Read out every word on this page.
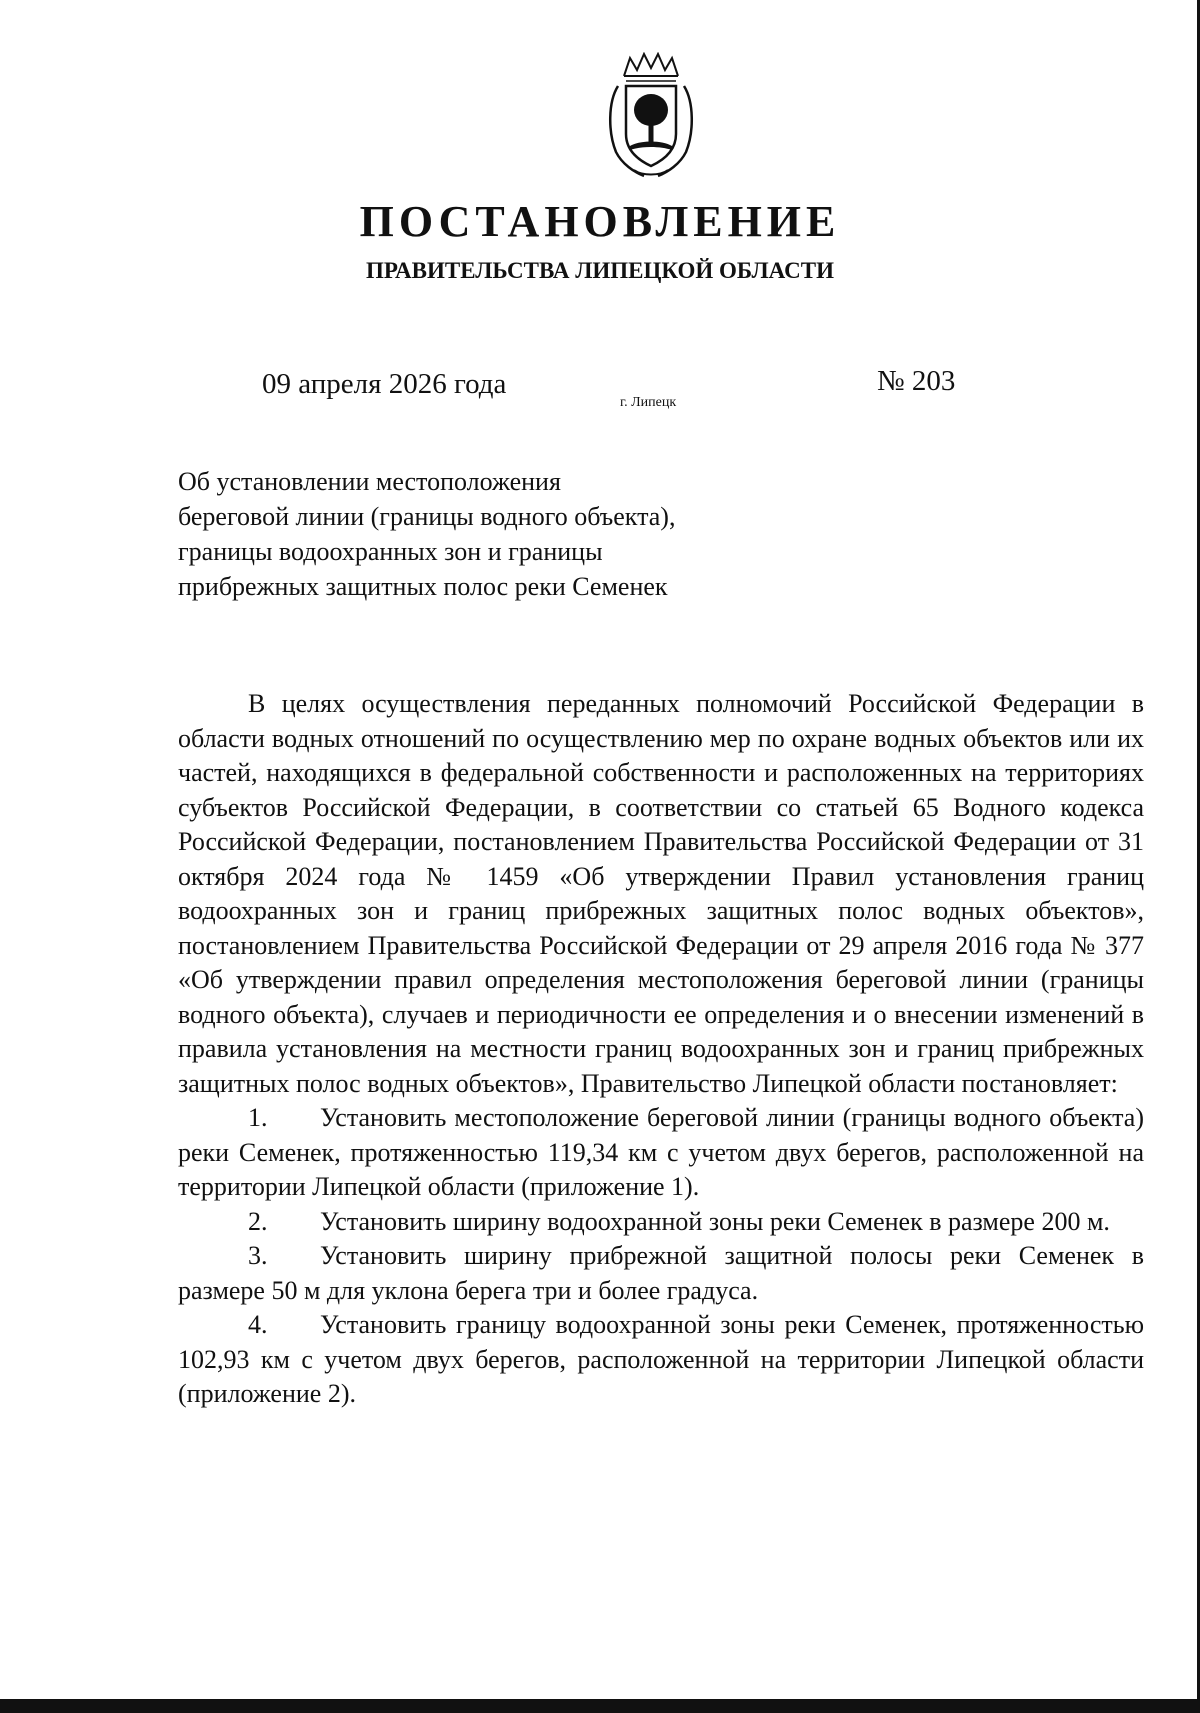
ПОСТАНОВЛЕНИЕ
ПРАВИТЕЛЬСТВА ЛИПЕЦКОЙ ОБЛАСТИ
09 апреля 2026 года
г. Липецк
№ 203
Об установлении местоположения
береговой линии (границы водного объекта),
границы водоохранных зон и границы
прибрежных защитных полос реки Семенек

В целях осуществления переданных полномочий Российской Федерации в области водных отношений по осуществлению мер по охране водных объектов или их частей, находящихся в федеральной собственности и расположенных на территориях субъектов Российской Федерации, в соответствии со статьей 65 Водного кодекса Российской Федерации, постановлением Правительства Российской Федерации от 31 октября 2024 года № 1459 «Об утверждении Правил установления границ водоохранных зон и границ прибрежных защитных полос водных объектов», постановлением Правительства Российской Федерации от 29 апреля 2016 года № 377 «Об утверждении правил определения местоположения береговой линии (границы водного объекта), случаев и периодичности ее определения и о внесении изменений в правила установления на местности границ водоохранных зон и границ прибрежных защитных полос водных объектов», Правительство Липецкой области постановляет:

1. Установить местоположение береговой линии (границы водного объекта) реки Семенек, протяженностью 119,34 км с учетом двух берегов, расположенной на территории Липецкой области (приложение 1).

2. Установить ширину водоохранной зоны реки Семенек в размере 200 м.

3. Установить ширину прибрежной защитной полосы реки Семенек в размере 50 м для уклона берега три и более градуса.

4. Установить границу водоохранной зоны реки Семенек, протяженностью 102,93 км с учетом двух берегов, расположенной на территории Липецкой области (приложение 2).
